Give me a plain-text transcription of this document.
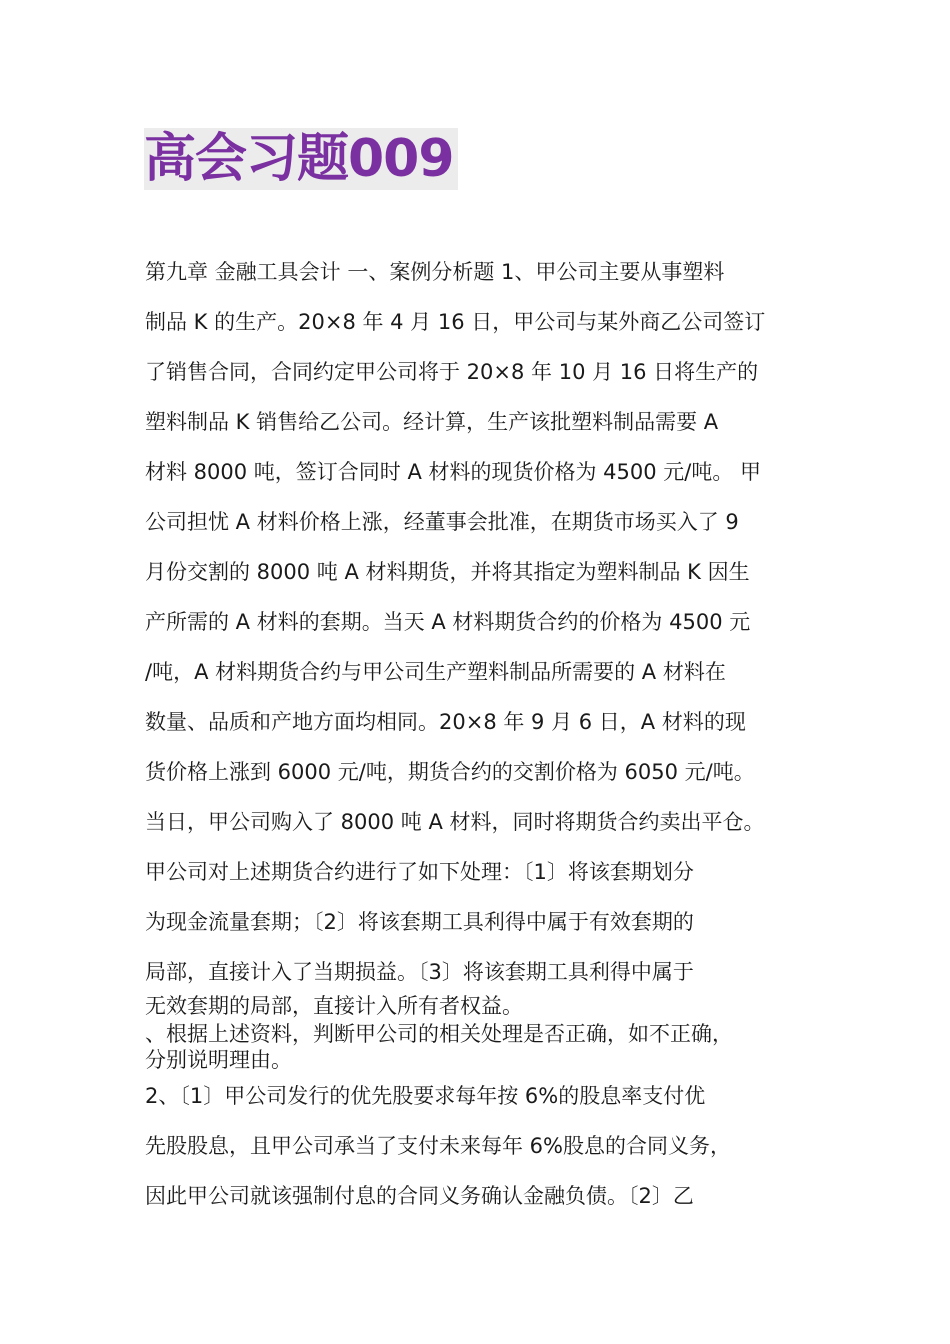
高会习题009
第九章 金融工具会计 一、案例分析题 1、甲公司主要从事塑料
制品 K 的生产。20×8 年 4 月 16 日，甲公司与某外商乙公司签订
了销售合同，合同约定甲公司将于 20×8 年 10 月 16 日将生产的
塑料制品 K 销售给乙公司。经计算，生产该批塑料制品需要 A
材料 8000 吨，签订合同时 A 材料的现货价格为 4500 元/吨。 甲
公司担忧 A 材料价格上涨，经董事会批准，在期货市场买入了 9
月份交割的 8000 吨 A 材料期货，并将其指定为塑料制品 K 因生
产所需的 A 材料的套期。当天 A 材料期货合约的价格为 4500 元
/吨，A 材料期货合约与甲公司生产塑料制品所需要的 A 材料在
数量、品质和产地方面均相同。20×8 年 9 月 6 日，A 材料的现
货价格上涨到 6000 元/吨，期货合约的交割价格为 6050 元/吨。
当日，甲公司购入了 8000 吨 A 材料，同时将期货合约卖出平仓。
甲公司对上述期货合约进行了如下处理：〔1〕将该套期划分
为现金流量套期；〔2〕将该套期工具利得中属于有效套期的
局部，直接计入了当期损益。〔3〕将该套期工具利得中属于
无效套期的局部，直接计入所有者权益。
、根据上述资料，判断甲公司的相关处理是否正确，如不正确，
分别说明理由。
2、〔1〕甲公司发行的优先股要求每年按 6%的股息率支付优
先股股息，且甲公司承当了支付未来每年 6%股息的合同义务，
因此甲公司就该强制付息的合同义务确认金融负债。〔2〕乙
